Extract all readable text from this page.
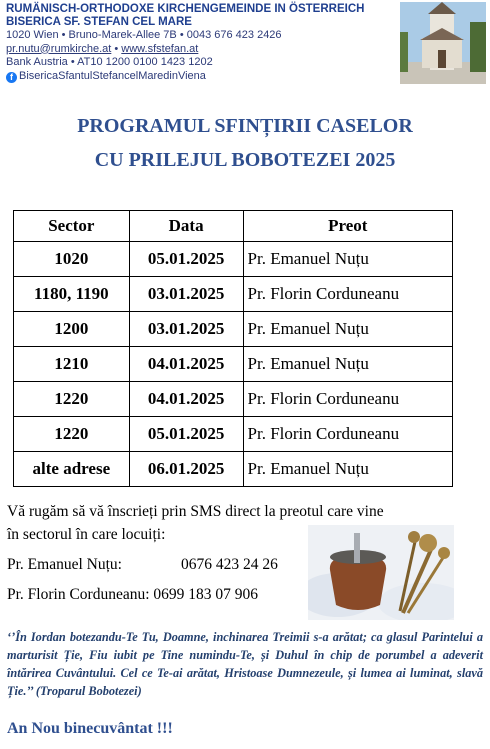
RUMÄNISCH-ORTHODOXE KIRCHENGEMEINDE IN ÖSTERREICH
BISERICA SF. STEFAN CEL MARE
1020 Wien • Bruno-Marek-Allee 7B • 0043 676 423 2426
pr.nutu@rumkirche.at • www.sfstefan.at
Bank Austria • AT10 1200 0100 1423 1202
f BisericaSfantulStefancelMaredinViena
PROGRAMUL SFINȚIRII CASELOR
CU PRILEJUL BOBOTEZEI 2025
Sector	Data	Preot
1020	05.01.2025	Pr. Emanuel Nuțu
1180, 1190	03.01.2025	Pr. Florin Corduneanu
1200	03.01.2025	Pr. Emanuel Nuțu
1210	04.01.2025	Pr. Emanuel Nuțu
1220	04.01.2025	Pr. Florin Corduneanu
1220	05.01.2025	Pr. Florin Corduneanu
alte adrese	06.01.2025	Pr. Emanuel Nuțu
Vă rugăm să vă înscrieți prin SMS direct la preotul care vine
în sectorul în care locuiți:
Pr. Emanuel Nuțu:	0676 423 24 26
Pr. Florin Corduneanu: 0699 183 07 906
‘’În Iordan botezandu-Te Tu, Doamne, inchinarea Treimii s-a arătat; ca glasul Parintelui a marturisit Ție, Fiu iubit pe Tine numindu-Te, și Duhul în chip de porumbel a adeverit întărirea Cuvântului. Cel ce Te-ai arătat, Hristoase Dumnezeule, și lumea ai luminat, slavă Ție.’’ (Troparul Bobotezei)
An Nou binecuvântat !!!
